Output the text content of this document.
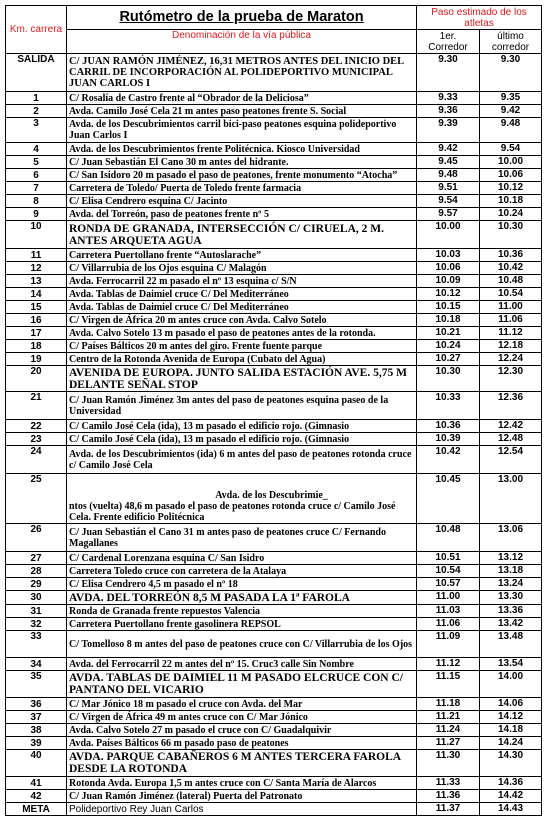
Km. carrera	Rutómetro de la prueba de Maraton	Paso estimado de los atletas	
	Denominación de la vía pública	1er. Corredor	último corredor
SALIDA	C/ JUAN RAMÓN JIMÉNEZ, 16,31 METROS ANTES DEL INICIO DEL CARRIL DE INCORPORACIÓN AL POLIDEPORTIVO MUNICIPAL JUAN CARLOS I	9.30	9.30
1	C/ Rosalía de Castro frente al “Obrador de la Deliciosa”	9.33	9.35
2	Avda. Camilo José Cela 21 m antes paso peatones frente S. Social	9.36	9.42
3	Avda. de los Descubrimientos carril bici-paso peatones esquina polideportivo Juan Carlos I	9.39	9.48
4	Avda. de los Descubrimientos frente Politécnica. Kiosco Universidad	9.42	9.54
5	C/ Juan Sebastián El Cano 30 m antes del hidrante.	9.45	10.00
6	C/ San Isidoro 20 m pasado el paso de peatones, frente monumento “Atocha”	9.48	10.06
7	Carretera de Toledo/ Puerta de Toledo frente farmacia	9.51	10.12
8	C/ Elisa Cendrero esquina C/ Jacinto	9.54	10.18
9	Avda. del Torreón, paso de peatones frente nº 5	9.57	10.24
10	RONDA DE GRANADA, INTERSECCIÓN C/ CIRUELA, 2 M. ANTES ARQUETA AGUA	10.00	10.30
11	Carretera Puertollano frente “Autoslarache”	10.03	10.36
12	C/ Villarrubia de los Ojos esquina C/ Malagón	10.06	10.42
13	Avda. Ferrocarril 22 m pasado el nº 13 esquina c/ S/N	10.09	10.48
14	Avda. Tablas de Daimiel cruce C/ Del Mediterráneo	10.12	10.54
15	Avda. Tablas de Daimiel cruce C/ Del Mediterráneo	10.15	11.00
16	C/ Virgen de África 20 m antes cruce con Avda. Calvo Sotelo	10.18	11.06
17	Avda. Calvo Sotelo 13 m pasado el paso de peatones antes de la rotonda.	10.21	11.12
18	C/ Países Bálticos 20 m antes del giro. Frente fuente parque	10.24	12.18
19	Centro de la Rotonda Avenida de Europa (Cubato del Agua)	10.27	12.24
20	AVENIDA DE EUROPA. JUNTO SALIDA ESTACIÓN AVE. 5,75 M DELANTE SEÑAL STOP	10.30	12.30
21	C/ Juan Ramón Jiménez 3m antes del paso de peatones esquina paseo de la Universidad	10.33	12.36
22	C/ Camilo José Cela (ida), 13 m pasado el edificio rojo. (Gimnasio	10.36	12.42
23	C/ Camilo José Cela (ida), 13 m pasado el edificio rojo. (Gimnasio	10.39	12.48
24	Avda. de los Descubrimientos (ida) 6 m antes del paso de peatones rotonda cruce c/ Camilo José Cela	10.42	12.54
25	Avda. de los Descubrimie_
ntos (vuelta) 48,6 m pasado el paso de peatones rotonda cruce c/ Camilo José Cela. Frente edificio Politécnica	10.45	13.00
26	C/ Juan Sebastián el Cano 31 m antes paso de peatones cruce C/ Fernando Magallanes	10.48	13.06
27	C/ Cardenal Lorenzana esquina C/ San Isidro	10.51	13.12
28	Carretera Toledo cruce con carretera de la Atalaya	10.54	13.18
29	C/ Elisa Cendrero 4,5 m pasado el nº 18	10.57	13.24
30	AVDA. DEL TORREÓN 8,5 M PASADA LA 1ª FAROLA	11.00	13.30
31	Ronda de Granada frente repuestos Valencia	11.03	13.36
32	Carretera Puertollano frente gasolinera REPSOL	11.06	13.42
33	C/ Tomelloso 8 m antes del paso de peatones cruce con C/ Villarrubia de los Ojos	11.09	13.48
34	Avda. del Ferrocarril 22 m antes del nº 15. Cruc3 calle Sin Nombre	11.12	13.54
35	AVDA. TABLAS DE DAIMIEL 11 M PASADO ELCRUCE CON C/ PANTANO DEL VICARIO	11.15	14.00
36	C/ Mar Jónico 18 m pasado el cruce con Avda. del Mar	11.18	14.06
37	C/ Virgen de África 49 m antes cruce con C/ Mar Jónico	11.21	14.12
38	Avda. Calvo Sotelo 27 m pasado el cruce con C/ Guadalquivir	11.24	14.18
39	Avda. Países Bálticos 66 m pasado paso de peatones	11.27	14.24
40	AVDA. PARQUE CABAÑEROS 6 M ANTES TERCERA FAROLA DESDE LA ROTONDA	11.30	14.30
41	Rotonda Avda. Europa 1,5 m antes cruce con C/ Santa María de Alarcos	11.33	14.36
42	C/ Juan Ramón Jiménez (lateral) Puerta del Patronato	11.36	14.42
META	Polideportivo Rey Juan Carlos	11.37	14.43
